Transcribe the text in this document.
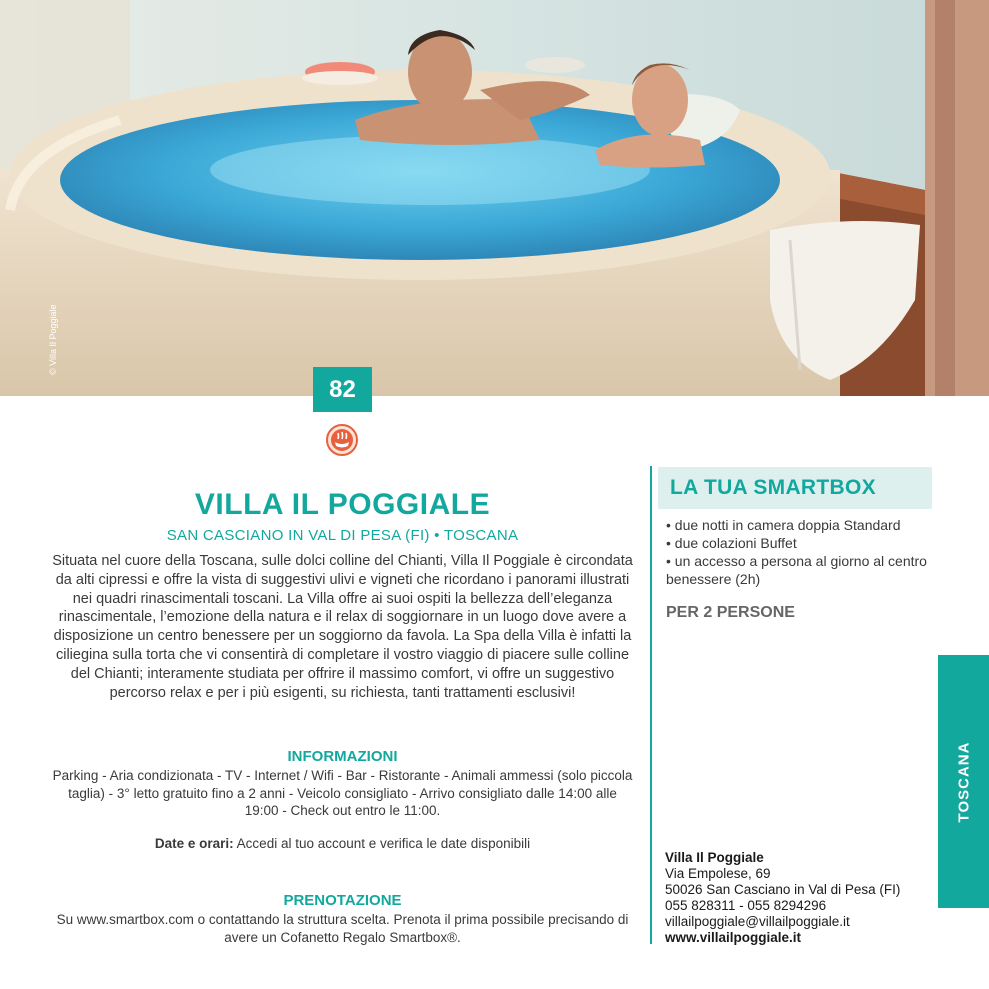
© Villa Il Poggiale
82
VILLA IL POGGIALE
SAN CASCIANO IN VAL DI PESA (FI) • TOSCANA
Situata nel cuore della Toscana, sulle dolci colline del Chianti, Villa Il Poggiale è circondata da alti cipressi e offre la vista di suggestivi ulivi e vigneti che ricordano i panorami illustrati nei quadri rinascimentali toscani. La Villa offre ai suoi ospiti la bellezza dell’eleganza rinascimentale, l’emozione della natura e il relax di soggiornare in un luogo dove avere a disposizione un centro benessere per un soggiorno da favola. La Spa della Villa è infatti la ciliegina sulla torta che vi consentirà di completare il vostro viaggio di piacere sulle colline del Chianti; interamente studiata per offrire il massimo comfort, vi offre un suggestivo percorso relax e per i più esigenti, su richiesta, tanti trattamenti esclusivi!
INFORMAZIONI
Parking - Aria condizionata - TV - Internet / Wifi - Bar - Ristorante - Animali ammessi (solo piccola taglia) - 3° letto gratuito fino a 2 anni - Veicolo consigliato - Arrivo consigliato dalle 14:00 alle 19:00 - Check out entro le 11:00.
Date e orari: Accedi al tuo account e verifica le date disponibili
PRENOTAZIONE
Su www.smartbox.com o contattando la struttura scelta. Prenota il prima possibile precisando di avere un Cofanetto Regalo Smartbox®.
LA TUA SMARTBOX
• due notti in camera doppia Standard
• due colazioni Buffet
• un accesso a persona al giorno al centro benessere (2h)
PER 2 PERSONE
Villa Il Poggiale
Via Empolese, 69
50026 San Casciano in Val di Pesa (FI)
055 828311 - 055 8294296
villailpoggiale@villailpoggiale.it
www.villailpoggiale.it
TOSCANA
